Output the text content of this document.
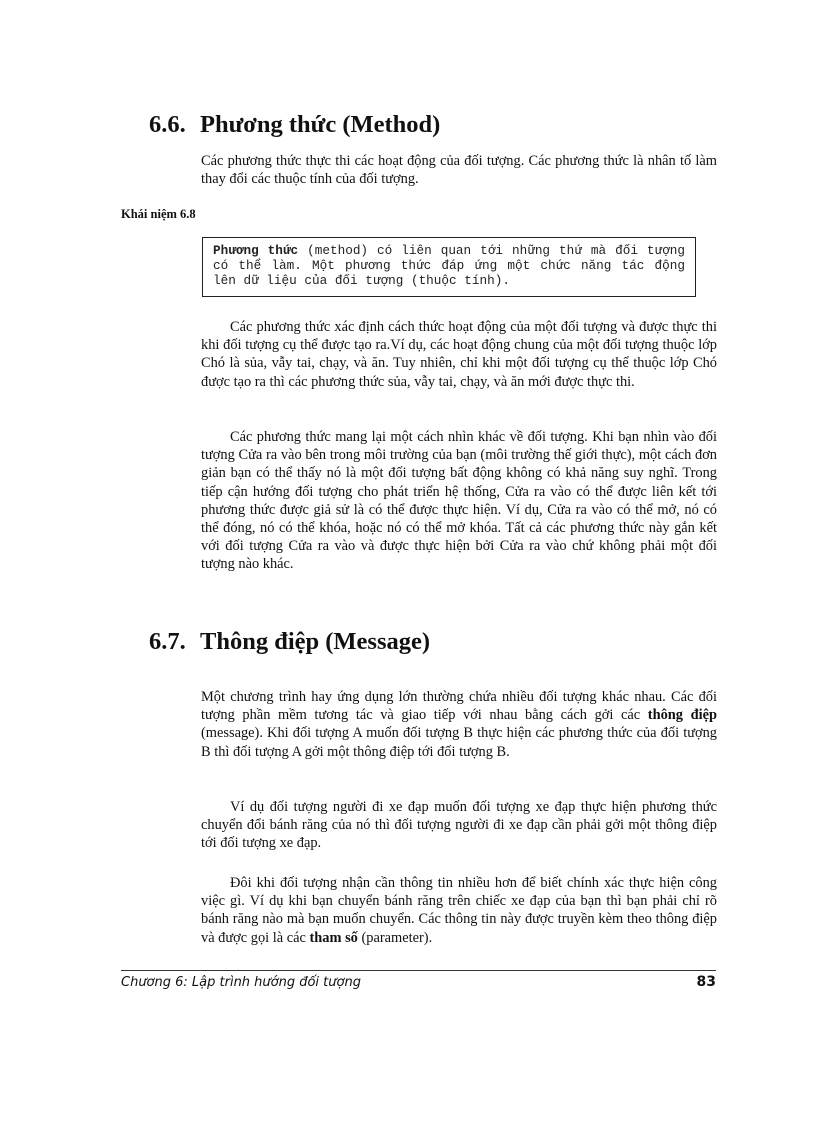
6.6. Phương thức (Method)

Các phương thức thực thi các hoạt động của đối tượng. Các phương thức là nhân tố làm thay đổi các thuộc tính của đối tượng.

Khái niệm 6.8

Phương thức (method) có liên quan tới những thứ mà đối tượng có thể làm. Một phương thức đáp ứng một chức năng tác động lên dữ liệu của đối tượng (thuộc tính).

Các phương thức xác định cách thức hoạt động của một đối tượng và được thực thi khi đối tượng cụ thể được tạo ra.Ví dụ, các hoạt động chung của một đối tượng thuộc lớp Chó là sủa, vẫy tai, chạy, và ăn. Tuy nhiên, chỉ khi một đối tượng cụ thể thuộc lớp Chó được tạo ra thì các phương thức sủa, vẫy tai, chạy, và ăn mới được thực thi.

Các phương thức mang lại một cách nhìn khác về đối tượng. Khi bạn nhìn vào đối tượng Cửa ra vào bên trong môi trường của bạn (môi trường thế giới thực), một cách đơn giản bạn có thể thấy nó là một đối tượng bất động không có khả năng suy nghĩ. Trong tiếp cận hướng đối tượng cho phát triển hệ thống, Cửa ra vào có thể được liên kết tới phương thức được giả sử là có thể được thực hiện. Ví dụ, Cửa ra vào có thể mở, nó có thể đóng, nó có thể khóa, hoặc nó có thể mở khóa. Tất cả các phương thức này gắn kết với đối tượng Cửa ra vào và được thực hiện bởi Cửa ra vào chứ không phải một đối tượng nào khác.

6.7. Thông điệp (Message)

Một chương trình hay ứng dụng lớn thường chứa nhiều đối tượng khác nhau. Các đối tượng phần mềm tương tác và giao tiếp với nhau bằng cách gởi các thông điệp (message). Khi đối tượng A muốn đối tượng B thực hiện các phương thức của đối tượng B thì đối tượng A gởi một thông điệp tới đối tượng B.

Ví dụ đối tượng người đi xe đạp muốn đối tượng xe đạp thực hiện phương thức chuyển đổi bánh răng của nó thì đối tượng người đi xe đạp cần phải gởi một thông điệp tới đối tượng xe đạp.

Đôi khi đối tượng nhận cần thông tin nhiều hơn để biết chính xác thực hiện công việc gì. Ví dụ khi bạn chuyển bánh răng trên chiếc xe đạp của bạn thì bạn phải chỉ rõ bánh răng nào mà bạn muốn chuyển. Các thông tin này được truyền kèm theo thông điệp và được gọi là các tham số (parameter).

Chương 6: Lập trình hướng đối tượng	83
